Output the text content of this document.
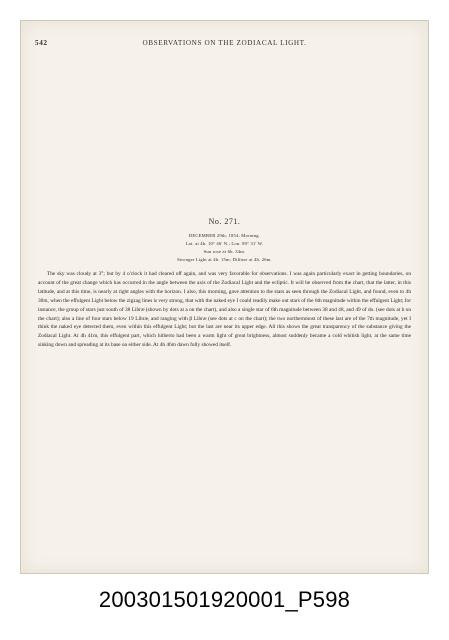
542	OBSERVATIONS ON THE ZODIACAL LIGHT.
No. 271.
DECEMBER 29th, 1854: Morning.
Lat. at 4h. 10° 46' N.; Lon. 89° 31' W.
Sun rose at 6h. 34m.
Stronger Light at 4h. 15m: Diffuse at 4h. 26m.

The sky was cloudy at 3°; but by 4 o'clock it had cleared off again, and was very favorable for observations. I was again particularly exact in getting boundaries, on account of the great change which has occurred in the angle between the axis of the Zodiacal Light and the ecliptic. It will be observed from the chart, that the latter, in this latitude, and at this time, is nearly at right angles with the horizon. I also, this morning, gave attention to the stars as seen through the Zodiacal Light, and found, even to 4h 30m, when the effulgent Light below the zigzag lines is very strong, that with the naked eye I could readily make out stars of the 6th magnitude within the effulgent Light; for instance, the group of stars just south of 38 Libræ (shown by dots at a on the chart), and also a single star of 6th magnitude between 38 and 48, and 49 of do. (see dots at b on the chart); also a line of four stars below 19 Libræ, and ranging with β Libræ (see dots at c on the chart); the two northernmost of these last are of the 7th magnitude, yet I think the naked eye detected them, even within this effulgent Light; but the last are near its upper edge. All this shows the great transparency of the substance giving the Zodiacal Light. At 4h 41m, this effulgent part, which hitherto had been a warm light of great brightness, almost suddenly became a cold whitish light, at the same time sinking down and spreading at its base on either side. At 4h 46m dawn fully showed itself.

200301501920001_P598
